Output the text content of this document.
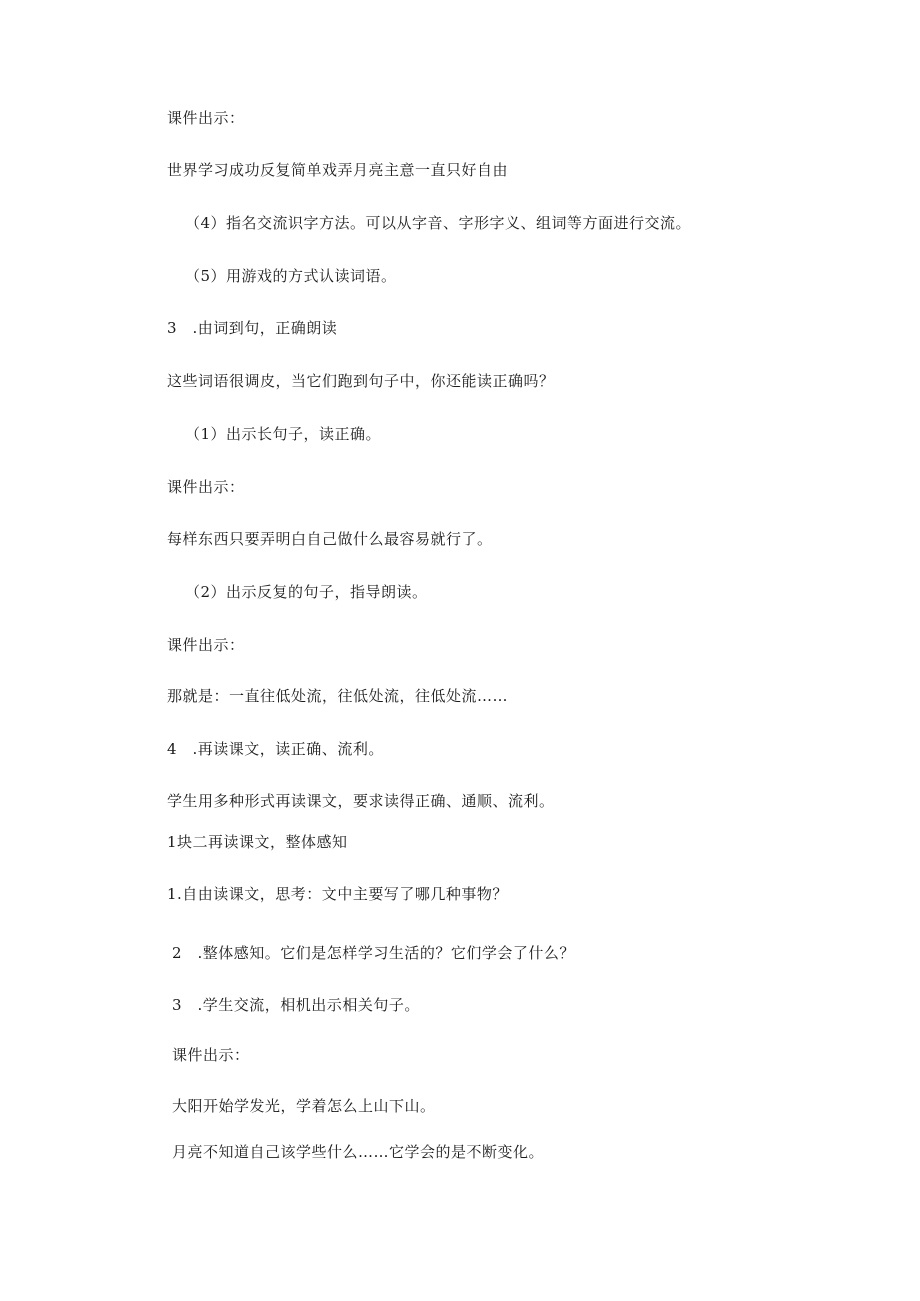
课件出示：
世界学习成功反复简单戏弄月亮主意一直只好自由
（4）指名交流识字方法。可以从字音、字形字义、组词等方面进行交流。
（5）用游戏的方式认读词语。
3　.由词到句，正确朗读
这些词语很调皮，当它们跑到句子中，你还能读正确吗？
（1）出示长句子，读正确。
课件出示：
每样东西只要弄明白自己做什么最容易就行了。
（2）出示反复的句子，指导朗读。
课件出示：
那就是：一直往低处流，往低处流，往低处流……
4　.再读课文，读正确、流利。
学生用多种形式再读课文，要求读得正确、通顺、流利。
1块二再读课文，整体感知
1.自由读课文，思考：文中主要写了哪几种事物？
2　.整体感知。它们是怎样学习生活的？它们学会了什么？
3　.学生交流，相机出示相关句子。
课件出示：
大阳开始学发光，学着怎么上山下山。
月亮不知道自己该学些什么……它学会的是不断变化。
